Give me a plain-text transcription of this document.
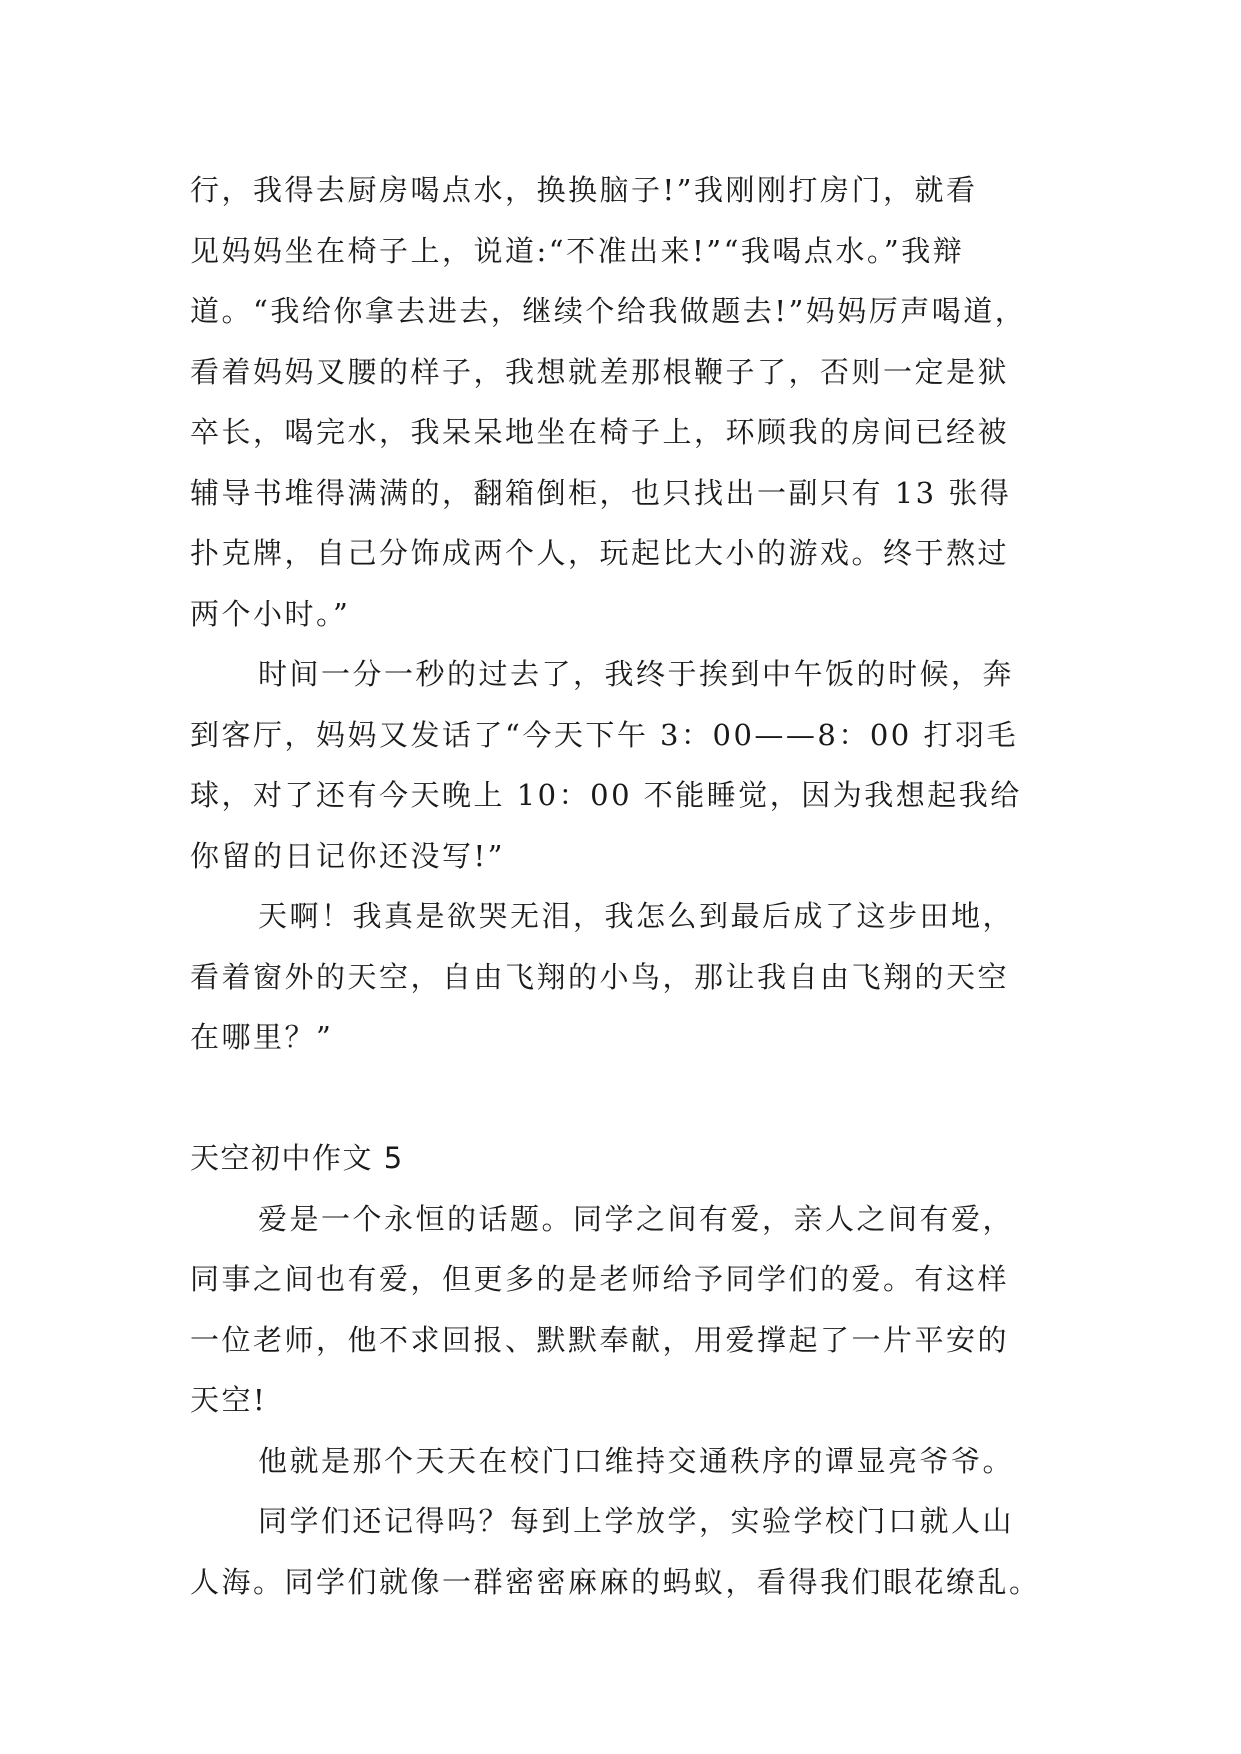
行，我得去厨房喝点水，换换脑子!”我刚刚打房门，就看
见妈妈坐在椅子上，说道:“不准出来!”“我喝点水。”我辩
道。“我给你拿去进去，继续个给我做题去!”妈妈厉声喝道，
看着妈妈叉腰的样子，我想就差那根鞭子了，否则一定是狱
卒长，喝完水，我呆呆地坐在椅子上，环顾我的房间已经被
辅导书堆得满满的，翻箱倒柜，也只找出一副只有 13 张得
扑克牌，自己分饰成两个人，玩起比大小的游戏。终于熬过
两个小时。”
时间一分一秒的过去了，我终于挨到中午饭的时候，奔
到客厅，妈妈又发话了“今天下午 3：00——8：00 打羽毛
球，对了还有今天晚上 10：00 不能睡觉，因为我想起我给
你留的日记你还没写!”
天啊！我真是欲哭无泪，我怎么到最后成了这步田地，
看着窗外的天空，自由飞翔的小鸟，那让我自由飞翔的天空
在哪里？”
天空初中作文 5
爱是一个永恒的话题。同学之间有爱，亲人之间有爱，
同事之间也有爱，但更多的是老师给予同学们的爱。有这样
一位老师，他不求回报、默默奉献，用爱撑起了一片平安的
天空!
他就是那个天天在校门口维持交通秩序的谭显亮爷爷。
同学们还记得吗？每到上学放学，实验学校门口就人山
人海。同学们就像一群密密麻麻的蚂蚁，看得我们眼花缭乱。
